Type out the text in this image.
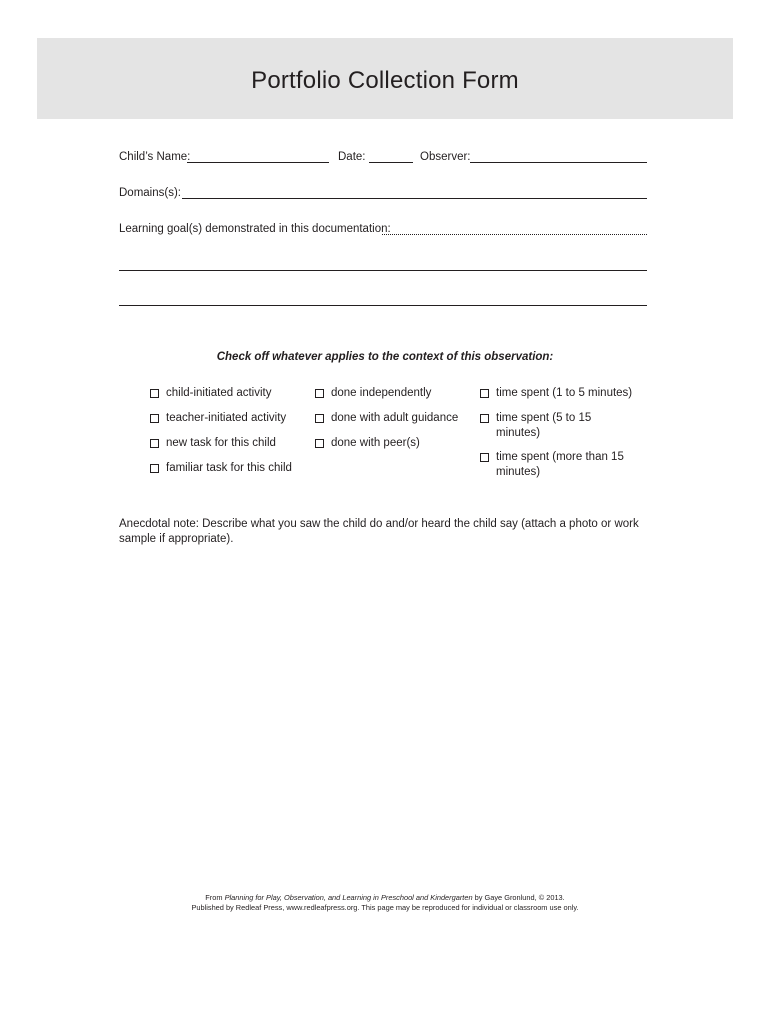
Portfolio Collection Form
Child’s Name:	Date:	Observer:
Domains(s):
Learning goal(s) demonstrated in this documentation:
Check off whatever applies to the context of this observation:
child-initiated activity
teacher-initiated activity
new task for this child
familiar task for this child
done independently
done with adult guidance
done with peer(s)
time spent (1 to 5 minutes)
time spent (5 to 15
minutes)
time spent (more than 15
minutes)
Anecdotal note: Describe what you saw the child do and/or heard the child say (attach a photo or work sample if appropriate).
From Planning for Play, Observation, and Learning in Preschool and Kindergarten by Gaye Gronlund, © 2013.
Published by Redleaf Press, www.redleafpress.org. This page may be reproduced for individual or classroom use only.
